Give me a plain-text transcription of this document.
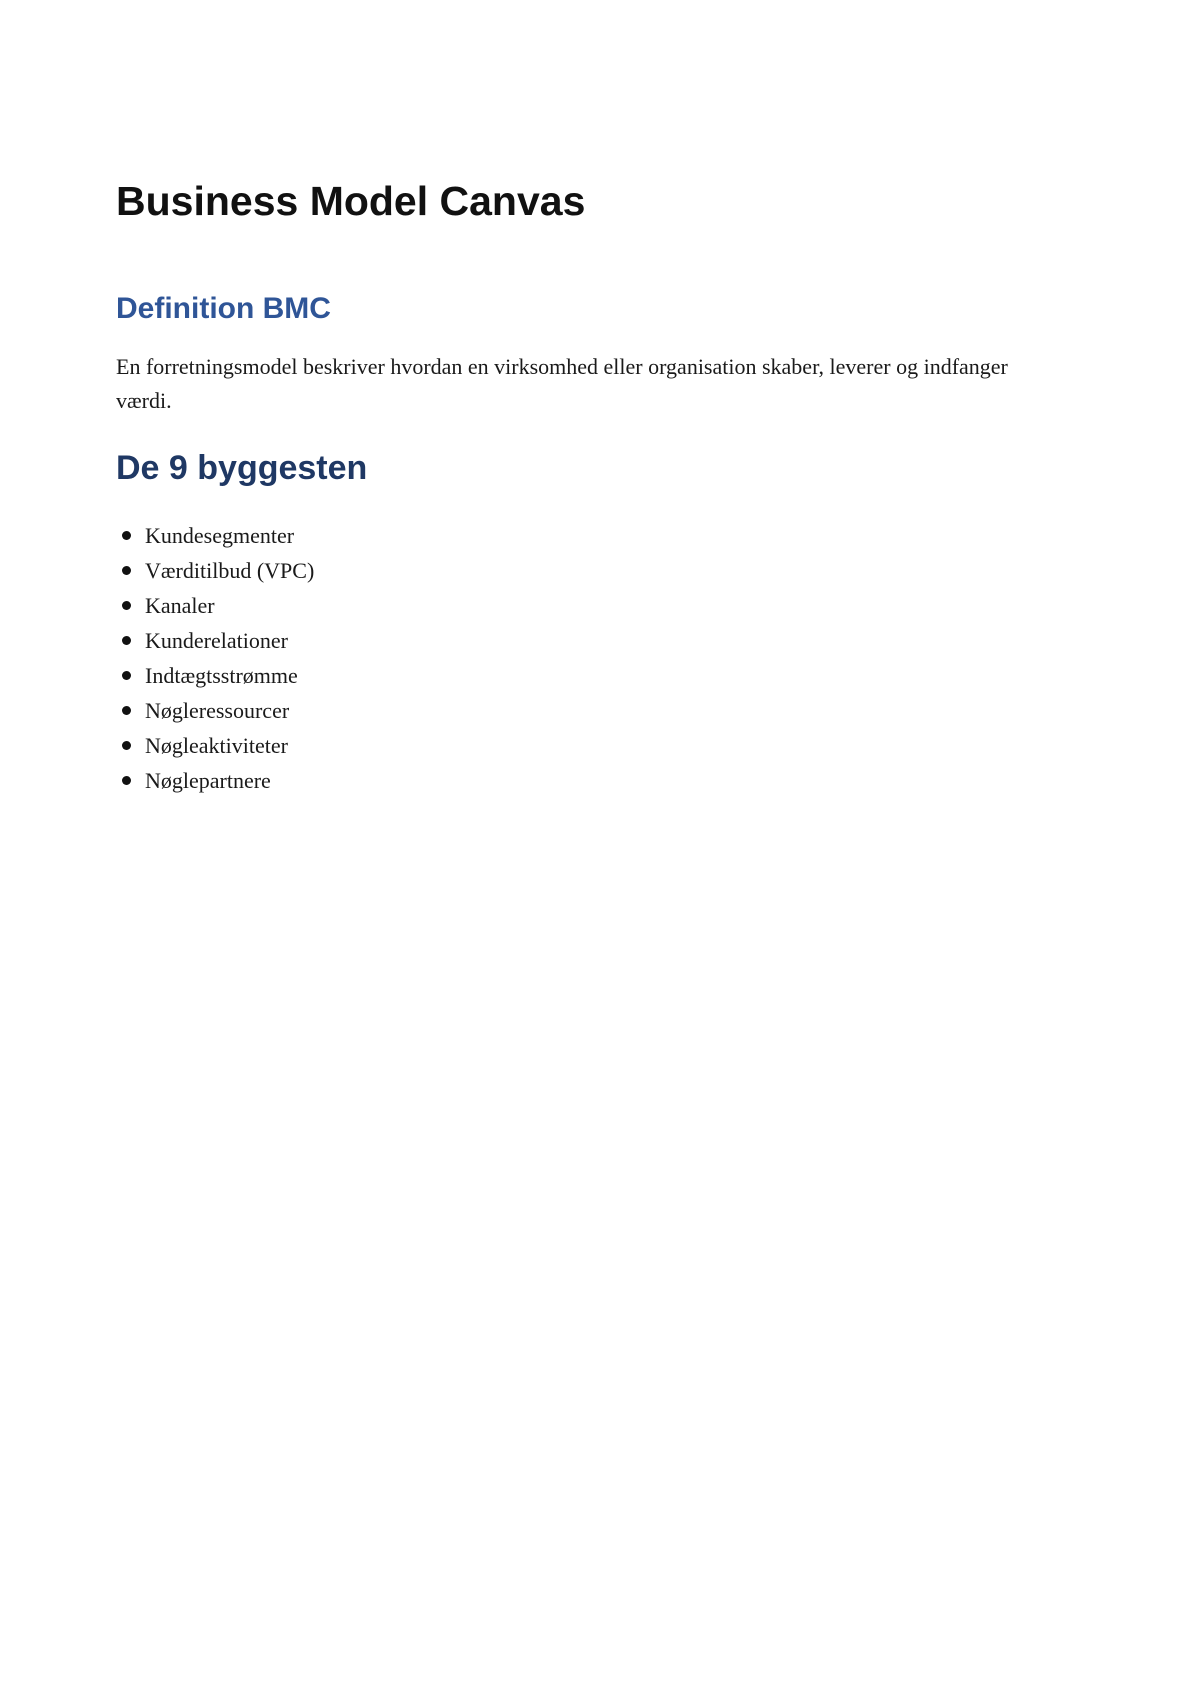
Business Model Canvas
Definition BMC

En forretningsmodel beskriver hvordan en virksomhed eller organisation skaber, leverer og indfanger værdi.

De 9 byggesten
Kundesegmenter
Værditilbud (VPC)
Kanaler
Kunderelationer
Indtægtsstrømme
Nøgleressourcer
Nøgleaktiviteter
Nøglepartnere
